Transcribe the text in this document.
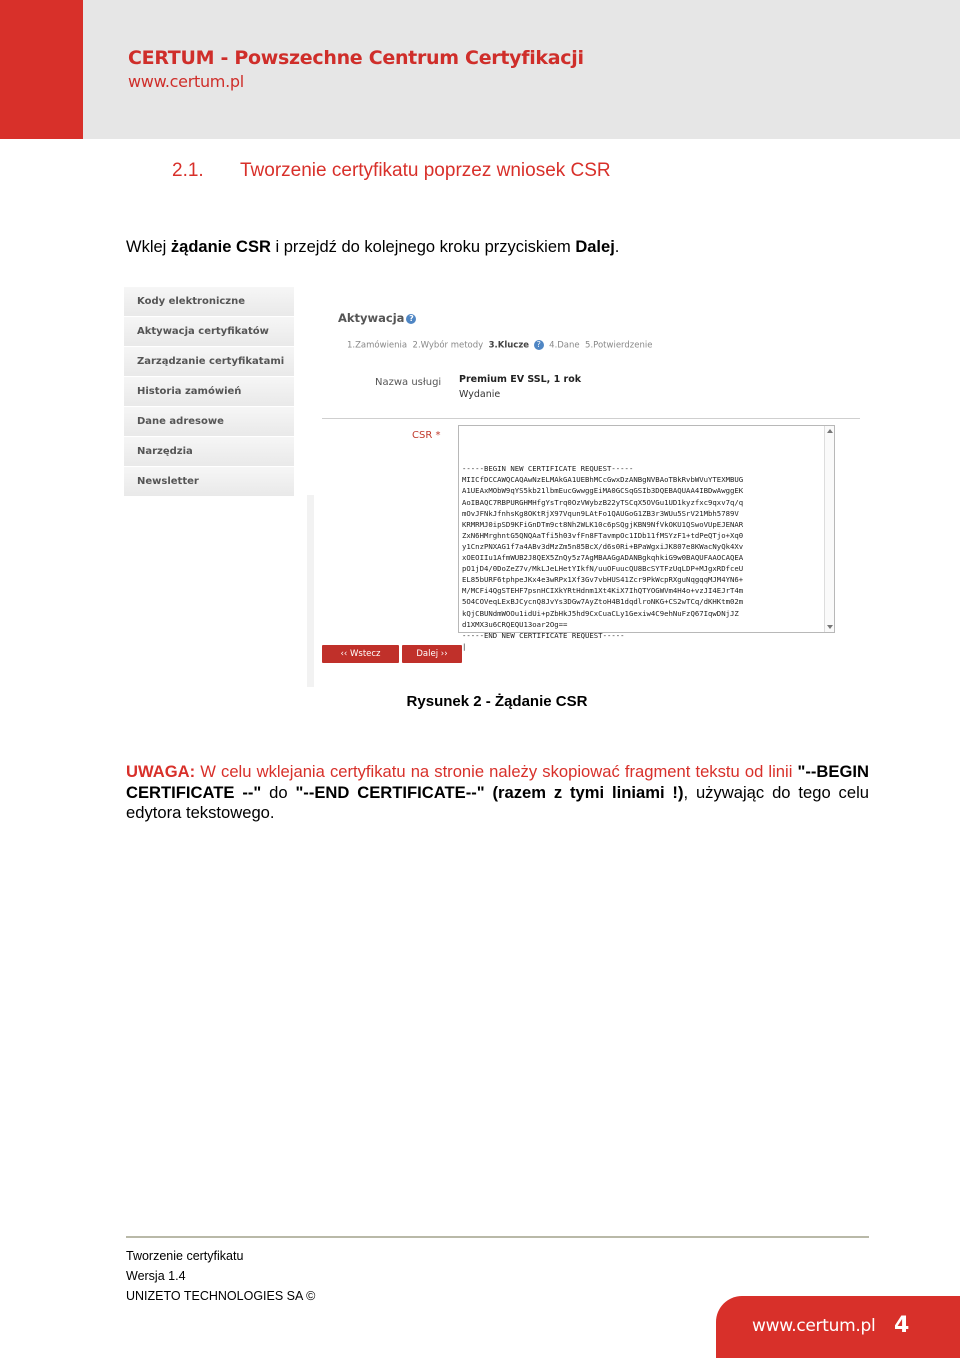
CERTUM - Powszechne Centrum Certyfikacji
www.certum.pl
2.1. Tworzenie certyfikatu poprzez wniosek CSR
Wklej żądanie CSR i przejdź do kolejnego kroku przyciskiem Dalej.
Kody elektroniczne
Aktywacja certyfikatów
Zarządzanie certyfikatami
Historia zamówień
Dane adresowe
Narzędzia
Newsletter
Aktywacja ?
1.Zamówienia 2.Wybór metody 3.Klucze ? 4.Dane 5.Potwierdzenie
Nazwa usługi Premium EV SSL, 1 rok
Wydanie
CSR *

-----BEGIN NEW CERTIFICATE REQUEST-----
MIICfDCCAWQCAQAwNzELMAkGA1UEBhMCcGwxDzANBgNVBAoTBkRvbWVuYTEXMBUG
A1UEAxMObW9qYS5kb21lbmEucGwwggEiMA0GCSqGSIb3DQEBAQUAA4IBDwAwggEK
AoIBAQC7RBPURGHMHfgYsTrq0OzVWybzB22yTSCqX5OVGu1UD1kyzfxc9qxv7q/q
mOvJFNkJfnhsKg8OKtRjX97Vqun9LAtFo1QAUGoG1ZB3r3WUu5SrV21Mbh5789V
KRMRMJ0ipSD9KFiGnDTm9ct8Nh2WLK10c6pSQgjKBN9NfVkOKU1QSwoVUpEJENAR
ZxN6HMrghntG5QNQAaTfi5h03vfFn8FTavmpOc1IDb11fMSYzF1+tdPeQTjo+Xq0
y1CnzPNXAG1f7a4ABv3dMzZm5n85BcX/d6s0Ri+BPaWgxiJK807e8KWacNyQk4Xv
xOEOIIu1AfmWUB2J8QEX5ZnQy5z7AgMBAAGgADANBgkqhkiG9w0BAQUFAAOCAQEA
pO1jD4/0DoZeZ7v/MkLJeLHetYIkfN/uuOFuucQU8BcSYTFzUqLDP+MJgxRDfceU
EL85bURF6tphpeJKx4e3wRPx1Xf3Gv7vbHUS41Zcr9PkWcpRXguNqgqqMJM4YN6+
M/MCFi4QgSTEHF7psnHCIXkYRtHdnm1Xt4KiX7IhQTYOGWVm4H4o+vzJI4EJrT4m
5O4COVeqLExBJCycnQ8JvYs3DGw7AyZtoH4B1dqdlroNKG+CS2wTCq/dKHKtm02m
kQjCBUNdmWOOu1idUi+pZbHkJ5hd9CxCuaCLy1Gexiw4C9ehNuFzQ67IqwDNjJZ
d1XMX3u6CRQEQU13oar2Og==
-----END NEW CERTIFICATE REQUEST-----
|
‹‹ Wstecz	Dalej ››
Rysunek 2 - Żądanie CSR
UWAGA: W celu wklejania certyfikatu na stronie należy skopiować fragment tekstu od linii "--BEGIN CERTIFICATE --" do "--END CERTIFICATE--" (razem z tymi liniami !), używając do tego celu edytora tekstowego.
Tworzenie certyfikatu
Wersja 1.4
UNIZETO TECHNOLOGIES SA ©
www.certum.pl 4
